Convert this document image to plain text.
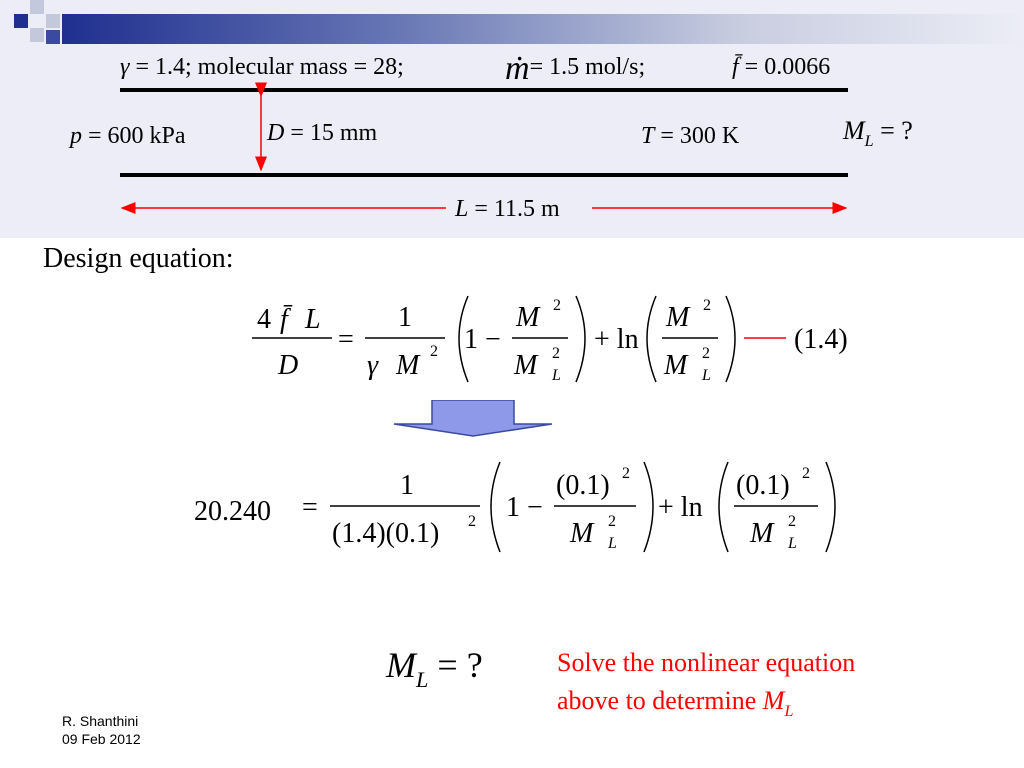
γ = 1.4; molecular mass = 28;	ṁ= 1.5 mol/s;	f̄ = 0.0066
p = 600 kPa	D = 15 mm	T = 300 K	$M_L$ = ?
L = 11.5 m
Design equation:
4 f̄ L
D
=
1
γ M 2 1 −
M 2
M 2
L
+ ln
M 2
M 2
L
(1.4)
20.240 =
1
(1.4)(0.1) 2 1 −
(0.1) 2
M 2
L
+ ln
(0.1) 2
M 2
L
$M_L$ = ?	Solve the nonlinear equation
above to determine $M_L$
R. Shanthini
09 Feb 2012
